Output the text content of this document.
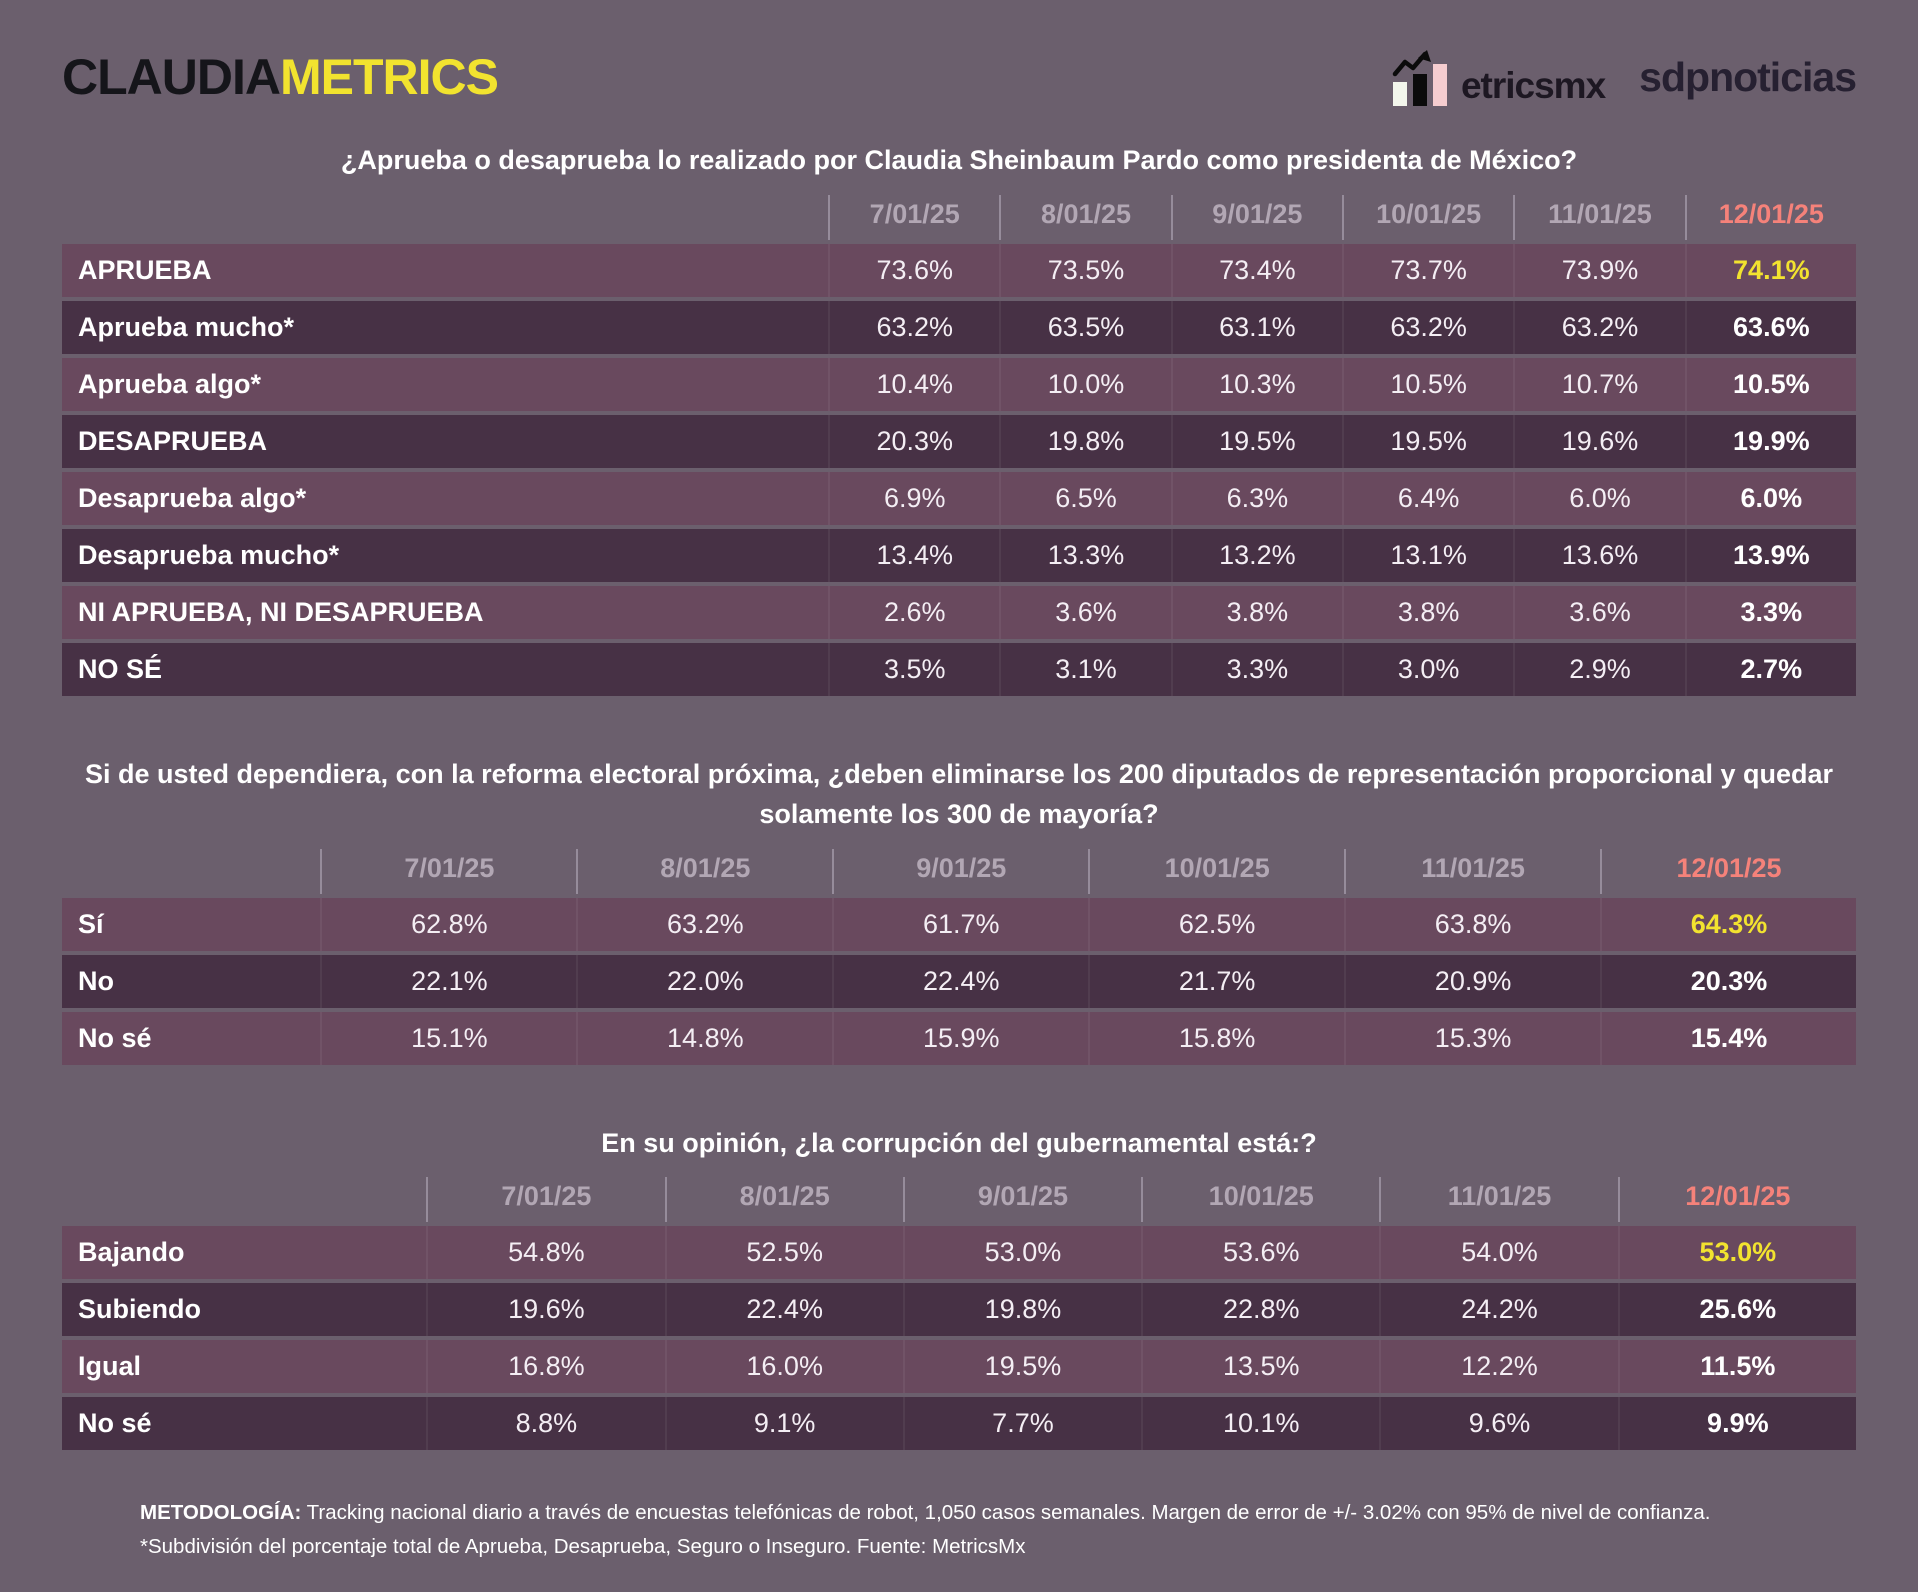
CLAUDIAMETRICS	etricsmx sdpnoticias
¿Aprueba o desaprueba lo realizado por Claudia Sheinbaum Pardo como presidenta de México?
	7/01/25	8/01/25	9/01/25	10/01/25	11/01/25	12/01/25
APRUEBA	73.6%	73.5%	73.4%	73.7%	73.9%	74.1%
Aprueba mucho*	63.2%	63.5%	63.1%	63.2%	63.2%	63.6%
Aprueba algo*	10.4%	10.0%	10.3%	10.5%	10.7%	10.5%
DESAPRUEBA	20.3%	19.8%	19.5%	19.5%	19.6%	19.9%
Desaprueba algo*	6.9%	6.5%	6.3%	6.4%	6.0%	6.0%
Desaprueba mucho*	13.4%	13.3%	13.2%	13.1%	13.6%	13.9%
NI APRUEBA, NI DESAPRUEBA	2.6%	3.6%	3.8%	3.8%	3.6%	3.3%
NO SÉ	3.5%	3.1%	3.3%	3.0%	2.9%	2.7%
Si de usted dependiera, con la reforma electoral próxima, ¿deben eliminarse los 200 diputados de representación proporcional y quedar solamente los 300 de mayoría?
	7/01/25	8/01/25	9/01/25	10/01/25	11/01/25	12/01/25
Sí	62.8%	63.2%	61.7%	62.5%	63.8%	64.3%
No	22.1%	22.0%	22.4%	21.7%	20.9%	20.3%
No sé	15.1%	14.8%	15.9%	15.8%	15.3%	15.4%
En su opinión, ¿la corrupción del gubernamental está:?
	7/01/25	8/01/25	9/01/25	10/01/25	11/01/25	12/01/25
Bajando	54.8%	52.5%	53.0%	53.6%	54.0%	53.0%
Subiendo	19.6%	22.4%	19.8%	22.8%	24.2%	25.6%
Igual	16.8%	16.0%	19.5%	13.5%	12.2%	11.5%
No sé	8.8%	9.1%	7.7%	10.1%	9.6%	9.9%
METODOLOGÍA: Tracking nacional diario a través de encuestas telefónicas de robot, 1,050 casos semanales. Margen de error de +/- 3.02% con 95% de nivel de confianza. *Subdivisión del porcentaje total de Aprueba, Desaprueba, Seguro o Inseguro. Fuente: MetricsMx
